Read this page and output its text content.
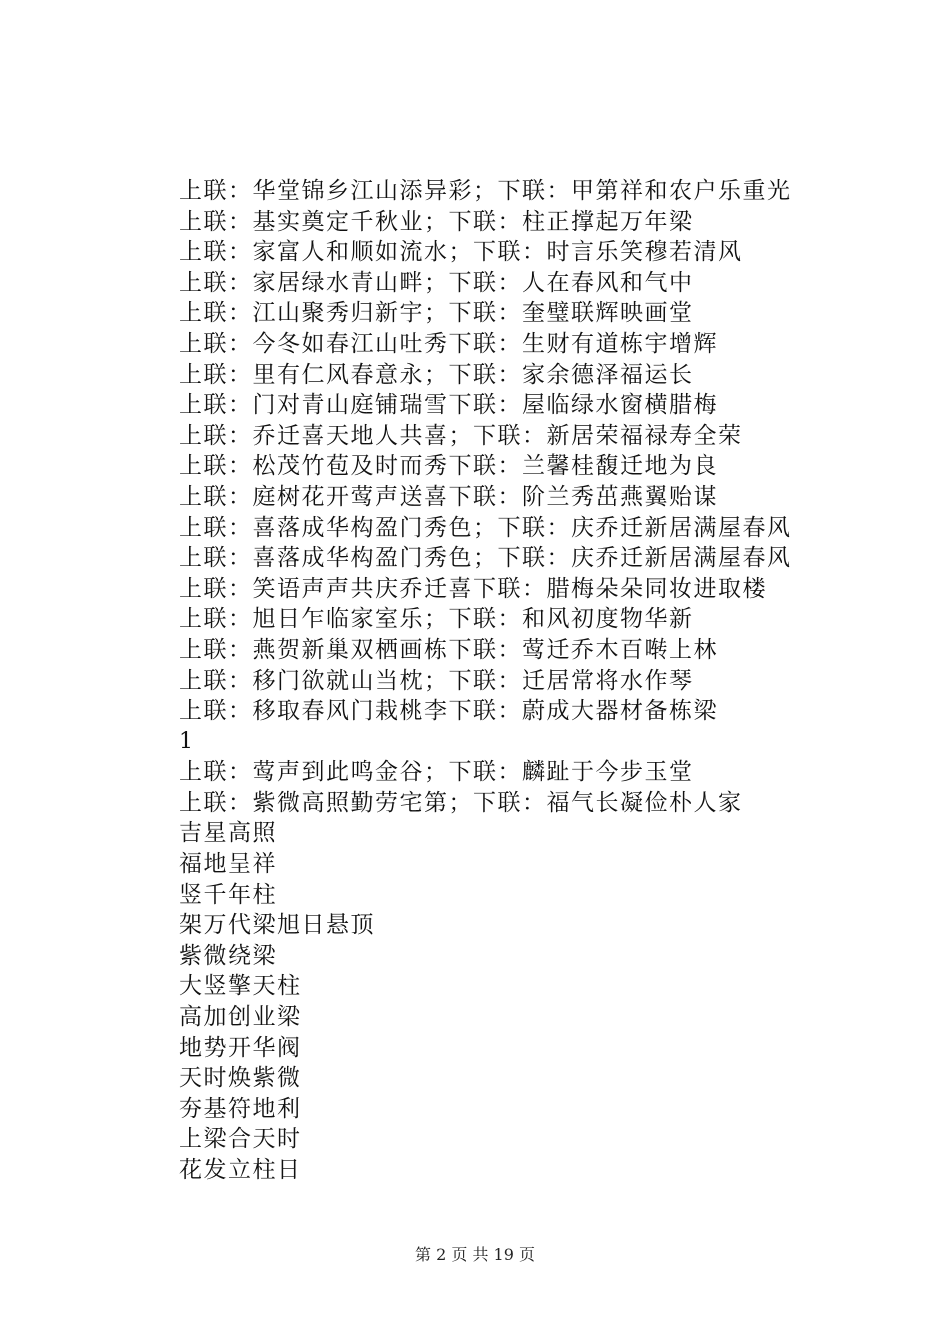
上联：华堂锦乡江山添异彩；下联：甲第祥和农户乐重光
上联：基实奠定千秋业；下联：柱正撑起万年梁
上联：家富人和顺如流水；下联：时言乐笑穆若清风
上联：家居绿水青山畔；下联：人在春风和气中
上联：江山聚秀归新宇；下联：奎璧联辉映画堂
上联：今冬如春江山吐秀下联：生财有道栋宇增辉
上联：里有仁风春意永；下联：家余德泽福运长
上联：门对青山庭铺瑞雪下联：屋临绿水窗横腊梅
上联：乔迁喜天地人共喜；下联：新居荣福禄寿全荣
上联：松茂竹苞及时而秀下联：兰馨桂馥迁地为良
上联：庭树花开莺声送喜下联：阶兰秀茁燕翼贻谋
上联：喜落成华构盈门秀色；下联：庆乔迁新居满屋春风
上联：喜落成华构盈门秀色；下联：庆乔迁新居满屋春风
上联：笑语声声共庆乔迁喜下联：腊梅朵朵同妆进取楼
上联：旭日乍临家室乐；下联：和风初度物华新
上联：燕贺新巢双栖画栋下联：莺迁乔木百啭上林
上联：移门欲就山当枕；下联：迁居常将水作琴
上联：移取春风门栽桃李下联：蔚成大器材备栋梁
1
上联：莺声到此鸣金谷；下联：麟趾于今步玉堂
上联：紫微高照勤劳宅第；下联：福气长凝俭朴人家
吉星高照
福地呈祥
竖千年柱
架万代梁旭日悬顶
紫微绕梁
大竖擎天柱
高加创业梁
地势开华阀
天时焕紫微
夯基符地利
上梁合天时
花发立柱日
第 2 页 共 19 页
